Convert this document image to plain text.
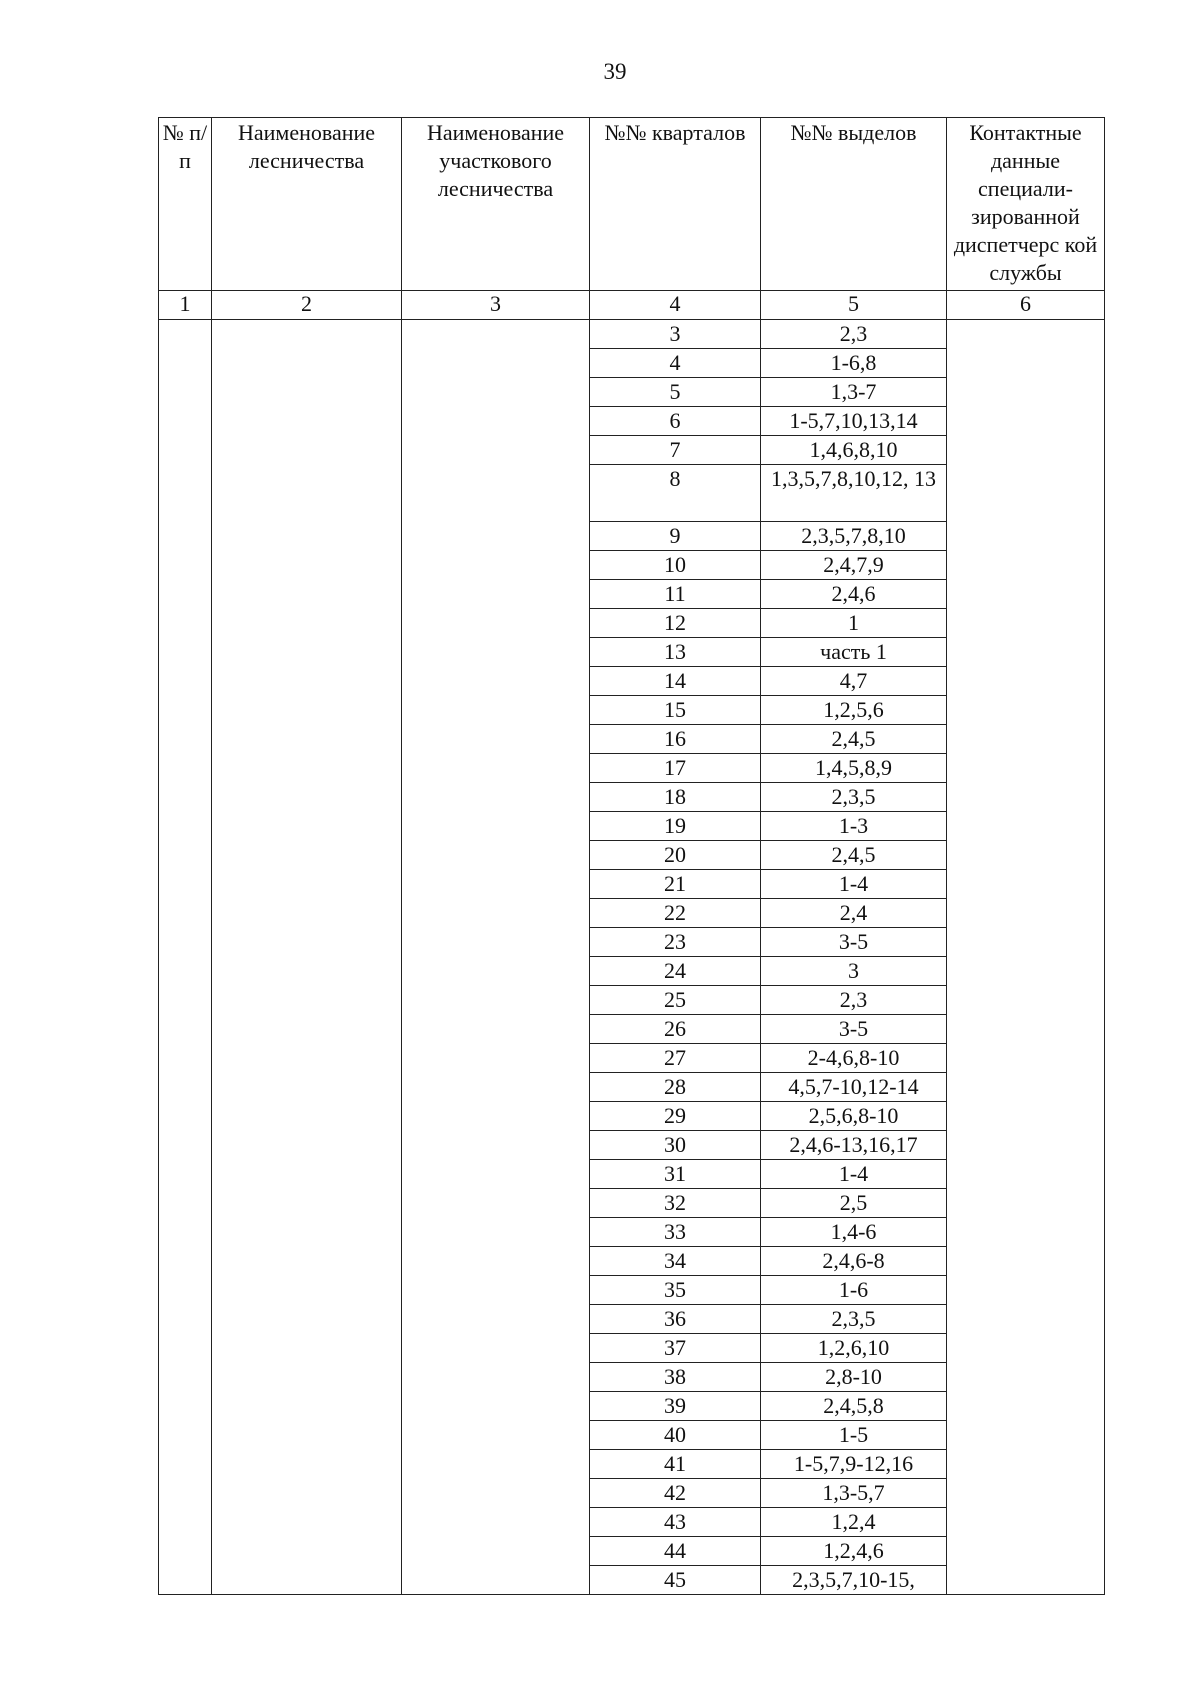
39
№ п/п	Наименование лесничества	Наименование участкового лесничества	№№ кварталов	№№ выделов	Контактные данные специали-зированной диспетчерс кой службы
1	2	3	4	5	6
			3	2,3	
			4	1-6,8	
			5	1,3-7	
			6	1-5,7,10,13,14	
			7	1,4,6,8,10	
			8	1,3,5,7,8,10,12, 13	
			9	2,3,5,7,8,10	
			10	2,4,7,9	
			11	2,4,6	
			12	1	
			13	часть 1	
			14	4,7	
			15	1,2,5,6	
			16	2,4,5	
			17	1,4,5,8,9	
			18	2,3,5	
			19	1-3	
			20	2,4,5	
			21	1-4	
			22	2,4	
			23	3-5	
			24	3	
			25	2,3	
			26	3-5	
			27	2-4,6,8-10	
			28	4,5,7-10,12-14	
			29	2,5,6,8-10	
			30	2,4,6-13,16,17	
			31	1-4	
			32	2,5	
			33	1,4-6	
			34	2,4,6-8	
			35	1-6	
			36	2,3,5	
			37	1,2,6,10	
			38	2,8-10	
			39	2,4,5,8	
			40	1-5	
			41	1-5,7,9-12,16	
			42	1,3-5,7	
			43	1,2,4	
			44	1,2,4,6	
			45	2,3,5,7,10-15,	
